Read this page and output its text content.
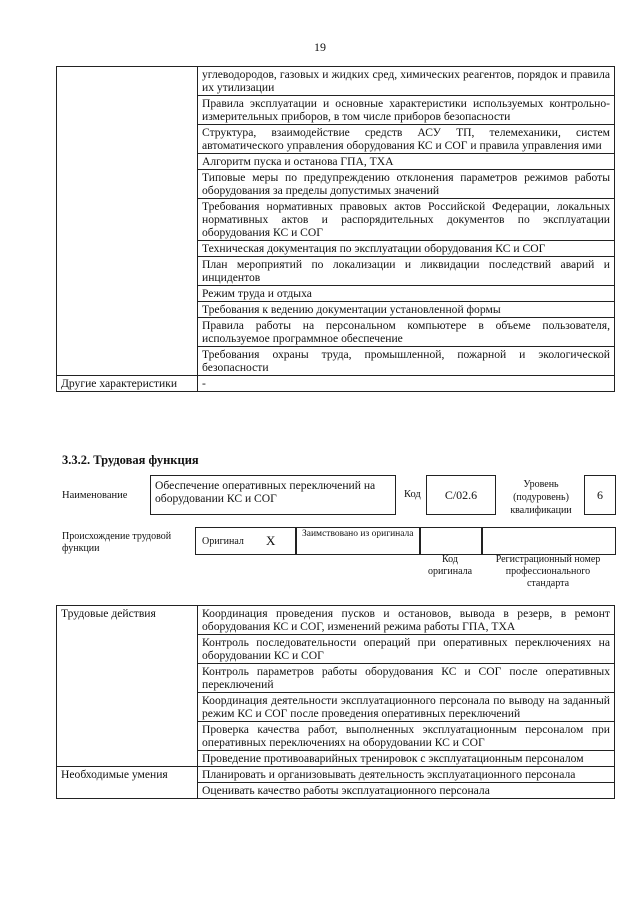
19
	углеводородов, газовых и жидких сред, химических реагентов, порядок и правила их утилизации
	Правила эксплуатации и основные характеристики используемых контрольно-измерительных приборов, в том числе приборов безопасности
	Структура, взаимодействие средств АСУ ТП, телемеханики, систем автоматического управления оборудования КС и СОГ и правила управления ими
	Алгоритм пуска и останова ГПА, ТХА
	Типовые меры по предупреждению отклонения параметров режимов работы оборудования за пределы допустимых значений
	Требования нормативных правовых актов Российской Федерации, локальных нормативных актов и распорядительных документов по эксплуатации оборудования КС и СОГ
	Техническая документация по эксплуатации оборудования КС и СОГ
	План мероприятий по локализации и ликвидации последствий аварий и инцидентов
	Режим труда и отдыха
	Требования к ведению документации установленной формы
	Правила работы на персональном компьютере в объеме пользователя, используемое программное обеспечение
	Требования охраны труда, промышленной, пожарной и экологической безопасности
Другие характеристики	-
3.3.2. Трудовая функция
Наименование
Обеспечение оперативных переключений на оборудовании КС и СОГ	Код	C/02.6
Уровень (подуровень) квалификации
6
Происхождение трудовой функции
Оригинал X	Заимствовано из оригинала
Код оригинала
Регистрационный номер профессионального стандарта
Трудовые действия	Координация проведения пусков и остановов, вывода в резерв, в ремонт оборудования КС и СОГ, изменений режима работы ГПА, ТХА
	Контроль последовательности операций при оперативных переключениях на оборудовании КС и СОГ
	Контроль параметров работы оборудования КС и СОГ после оперативных переключений
	Координация деятельности эксплуатационного персонала по выводу на заданный режим КС и СОГ после проведения оперативных переключений
	Проверка качества работ, выполненных эксплуатационным персоналом при оперативных переключениях на оборудовании КС и СОГ
	Проведение противоаварийных тренировок с эксплуатационным персоналом
Необходимые умения	Планировать и организовывать деятельность эксплуатационного персонала
	Оценивать качество работы эксплуатационного персонала
